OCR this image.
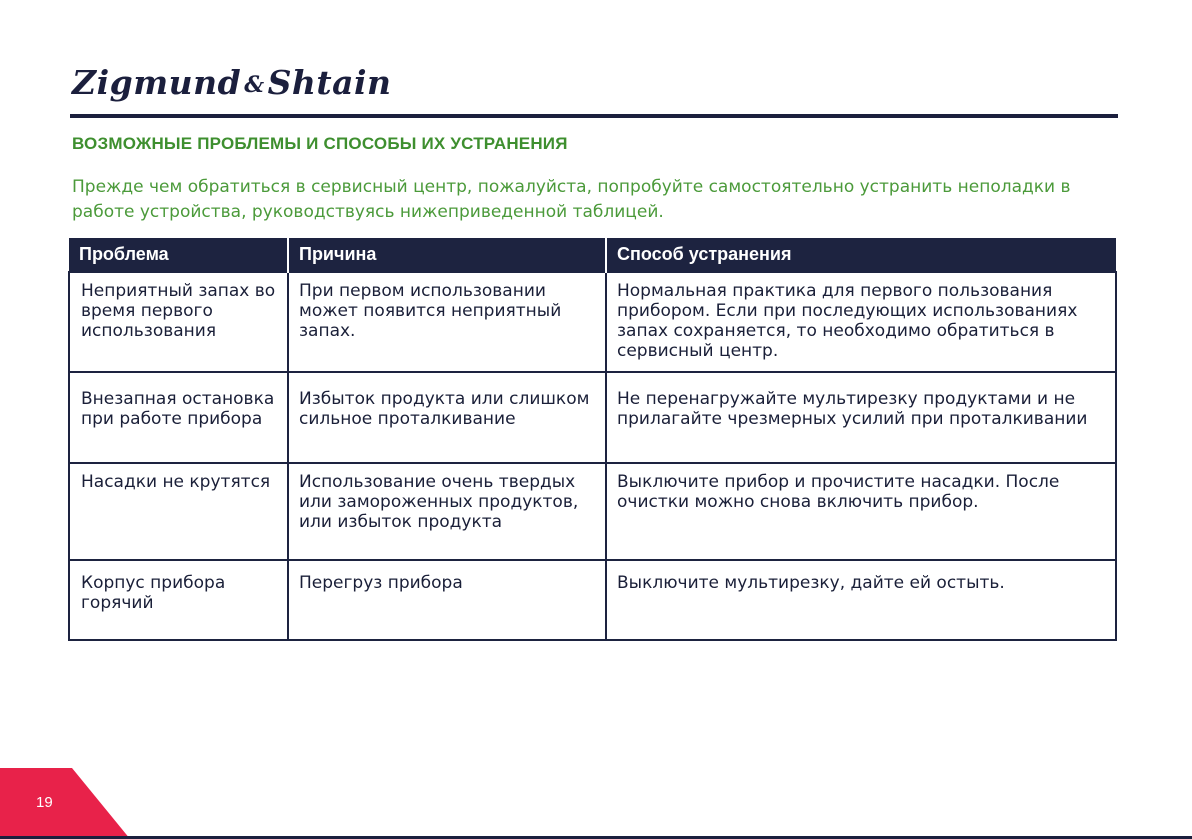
Zigmund &Shtain
ВОЗМОЖНЫЕ ПРОБЛЕМЫ И СПОСОБЫ ИХ УСТРАНЕНИЯ
Прежде чем обратиться в сервисный центр, пожалуйста, попробуйте самостоятельно устранить неполадки в работе устройства, руководствуясь нижеприведенной таблицей.
Проблема	Причина	Способ устранения
Неприятный запах во время первого использования	При первом использовании может появится неприятный запах.	Нормальная практика для первого пользования прибором. Если при последующих использованиях запах сохраняется, то необходимо обратиться в сервисный центр.
Внезапная остановка при работе прибора	Избыток продукта или слишком сильное проталкивание	Не перенагружайте мультирезку продуктами и не прилагайте чрезмерных усилий при проталкивании
Насадки не крутятся	Использование очень твердых или замороженных продуктов, или избыток продукта	Выключите прибор и прочистите насадки. После очистки можно снова включить прибор.
Корпус прибора горячий	Перегруз прибора	Выключите мультирезку, дайте ей остыть.
19
